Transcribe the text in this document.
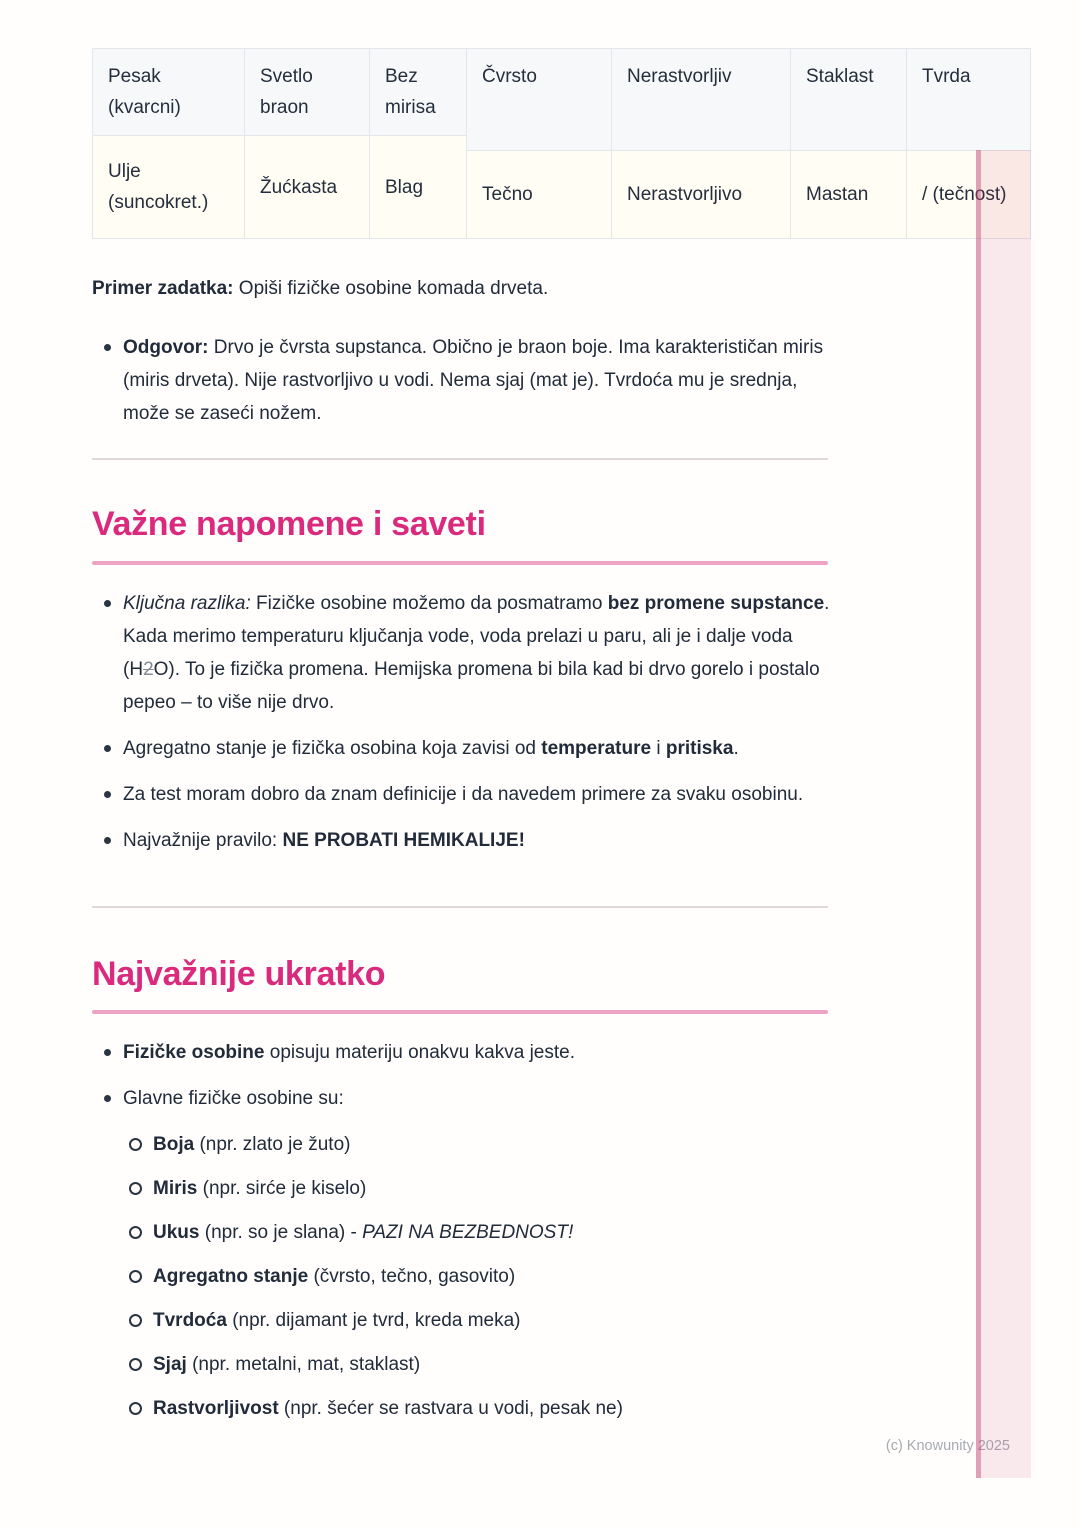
Pesak (kvarcni)
Ulje (suncokret.)
Svetlo braon
Žućkasta
Bez mirisa
Blag
Čvrsto
Tečno
Nerastvorljiv
Nerastvorljivo
Staklast
Mastan
Tvrda
/ (tečnost)
Primer zadatka: Opiši fizičke osobine komada drveta.
Odgovor: Drvo je čvrsta supstanca. Obično je braon boje. Ima karakterističan miris (miris drveta). Nije rastvorljivo u vodi. Nema sjaj (mat je). Tvrdoća mu je srednja, može se zaseći nožem.
Važne napomene i saveti
Ključna razlika: Fizičke osobine možemo da posmatramo bez promene supstance. Kada merimo temperaturu ključanja vode, voda prelazi u paru, ali je i dalje voda (H2O). To je fizička promena. Hemijska promena bi bila kad bi drvo gorelo i postalo pepeo – to više nije drvo.
Agregatno stanje je fizička osobina koja zavisi od temperature i pritiska.
Za test moram dobro da znam definicije i da navedem primere za svaku osobinu.
Najvažnije pravilo: NE PROBATI HEMIKALIJE!
Najvažnije ukratko
Fizičke osobine opisuju materiju onakvu kakva jeste.
Glavne fizičke osobine su:
Boja (npr. zlato je žuto)
Miris (npr. sirće je kiselo)
Ukus (npr. so je slana) - PAZI NA BEZBEDNOST!
Agregatno stanje (čvrsto, tečno, gasovito)
Tvrdoća (npr. dijamant je tvrd, kreda meka)
Sjaj (npr. metalni, mat, staklast)
Rastvorljivost (npr. šećer se rastvara u vodi, pesak ne)
(c) Knowunity 2025
